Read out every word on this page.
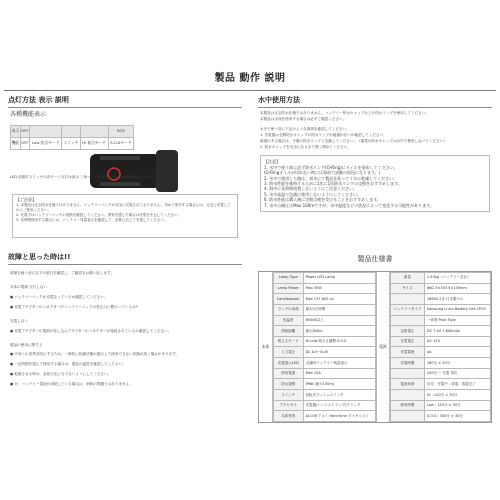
製品 動作 説明
点灯方法 表示 説明
各種機能表示
表示	OFF				SOS
機能	OFF	Low 初点モード	スイッチ	Hi 初点モード	S.O.Sモード
【ご注意】
1. 本製品は完全防水仕様ではありません。バッテリーパックが完全に充電されておりません。初めて使用する場合には、完全に充電してからご使用ください。
2. 充電中はバッテリーパックの発熱を確認してください。異常を感じた場合は充電を中止してください。
3. 長時間使用する場合には、バッテリー残量表示を確認して、必要に応じて充電してください。
LED 前照灯スイッチの各モード点灯は表示 三角マークの位置にモード番号が表示されます
水中使用方法
本製品は完全防水仕様ではありません。バッテリー防水キャップなどの防水リングを使用してください。
本製品は水深を使用する場合は必ずご確認ください。
水中で使う前に下記のような事項を確認してください。
1. 充電器の全開防水キャップの防水リングが破損がないか確認してください。
破損がある場合は、予備の防水リングと交換してください。（漏電の防水キャップは水中で使用しないでください）
2. 防水キャップを完全になるまで強く閉めてください。
【注意】
1. 水中で使う前に必ず防水リング(O-Ring)にオイルを塗布してください。
(O-Ringオイルが切れない時には事前で試験の原因になります。)
2. 水中で使用した後は、真水にて製品を洗って十分に乾燥してください。
3. 防水性能を維持するために1年に1回防水リングの交換をおすすめします。
4. 海中に長時間放置しないようにご注意ください。
5. 水中高温で急激に使用しないようにしてください。
6. 防水性能は購入後に定期点検を受けることをおすすめします。
7. 水中の耐圧はMax 100mですが、水中温度などの状況によって変化する可能性があります。
故障と思った時は!!
故障を疑う前に以下の項目を確認し、ご確認をお願い致します。
本体の電源 点灯しない
● バッテリーパックが充電なっているか確認してください。
● 充電アダプターのコネクターがバッテリーパックの差込口に繋がっているか?
充電しない
● 充電アダプターの電源の差し込みアダプターのコネクターが接続されているか確認してください。
製品の使用に関する
● 中身との差異を防止するため、一時的に乾燥状態が進行して使用できない状態が続く場合があります。
● 一定時間を超えて使用する場合は、製品の温度を確認してください。
● 乾燥させる時は、直射日光に当てないようにしてください。
● 分、バッテリー電池が消耗している場合は、消耗の問題ではありません。
製品仕様書
本体
Lamp Type	Power LED Lamp
Lamp Power	Max 30W
Candlepower	Max 137,600 cd
ランプの寿命	最大5万時間
色温度	6500K以上
照射距離	最大800m
明るさモード	Hi-Low 明るさ調整 S.O.S
入力電圧	DC 8.5~8.4V
充電指示LED	点滅時バッテリー残量表示
使用電流	Max 10A
防水規格	IP68 (最大100m)
スイッチ	回転式プッシュスイッチ
アクセサリ	充電器/ハンドストラップ/クリップ
本体材質	ALC06 アルミ Hard time ダイキャスト
電源
重量	1.53kg（バッテリー含む）
サイズ	Φ62.3×303.5×130mm
	18650 2本 日本製セル
バッテリータイプ	Samsung Li-ion Battery Cell 2PCS
	一体型 Pack Type
定格電圧	DC 7.4V 7,800mAh
充電電圧	DC 12V
充電電流	4A
充電時間	180分 ± 30分
	200分 ~ 充電 単位
電池寿命	自宅 : 充電中 : 放電 : 放電完了
	Hi : 120分 ± 30分
使用時間	Low : 120分 ± 30分
	S.O.S : 300分 ± 30分
